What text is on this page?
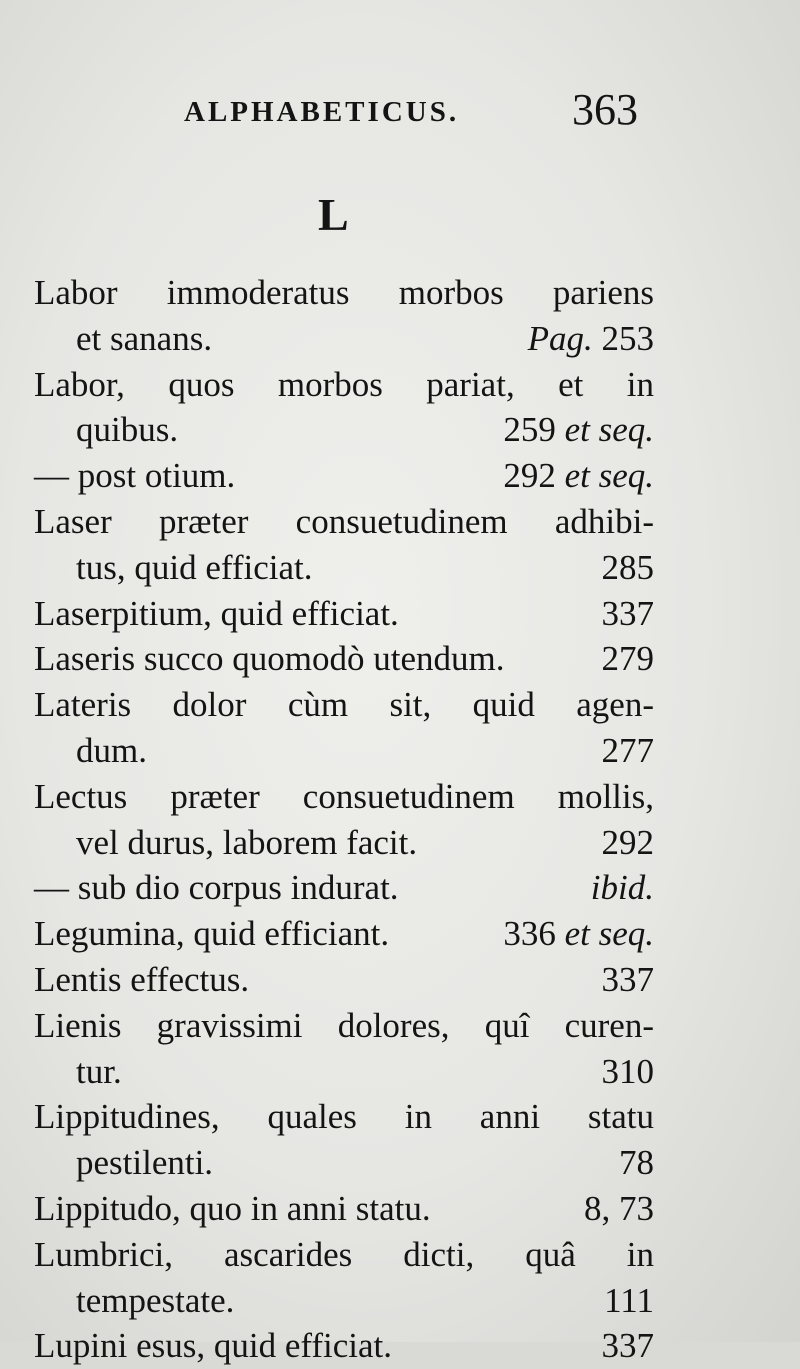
ALPHABETICUS.	363
L
Labor immoderatus morbos pariens
et sanans.	Pag. 253
Labor, quos morbos pariat, et in
quibus.	259 et seq.
— post otium.	292 et seq.
Laser præter consuetudinem adhibi-
tus, quid efficiat.	285
Laserpitium, quid efficiat.	337
Laseris succo quomodò utendum.	279
Lateris dolor cùm sit, quid agen-
dum.	277
Lectus præter consuetudinem mollis,
vel durus, laborem facit.	292
— sub dio corpus indurat.	ibid.
Legumina, quid efficiant.	336 et seq.
Lentis effectus.	337
Lienis gravissimi dolores, quî curen-
tur.	310
Lippitudines, quales in anni statu
pestilenti.	78
Lippitudo, quo in anni statu.	8, 73
Lumbrici, ascarides dicti, quâ in
tempestate.	111
Lupini esus, quid efficiat.	337
